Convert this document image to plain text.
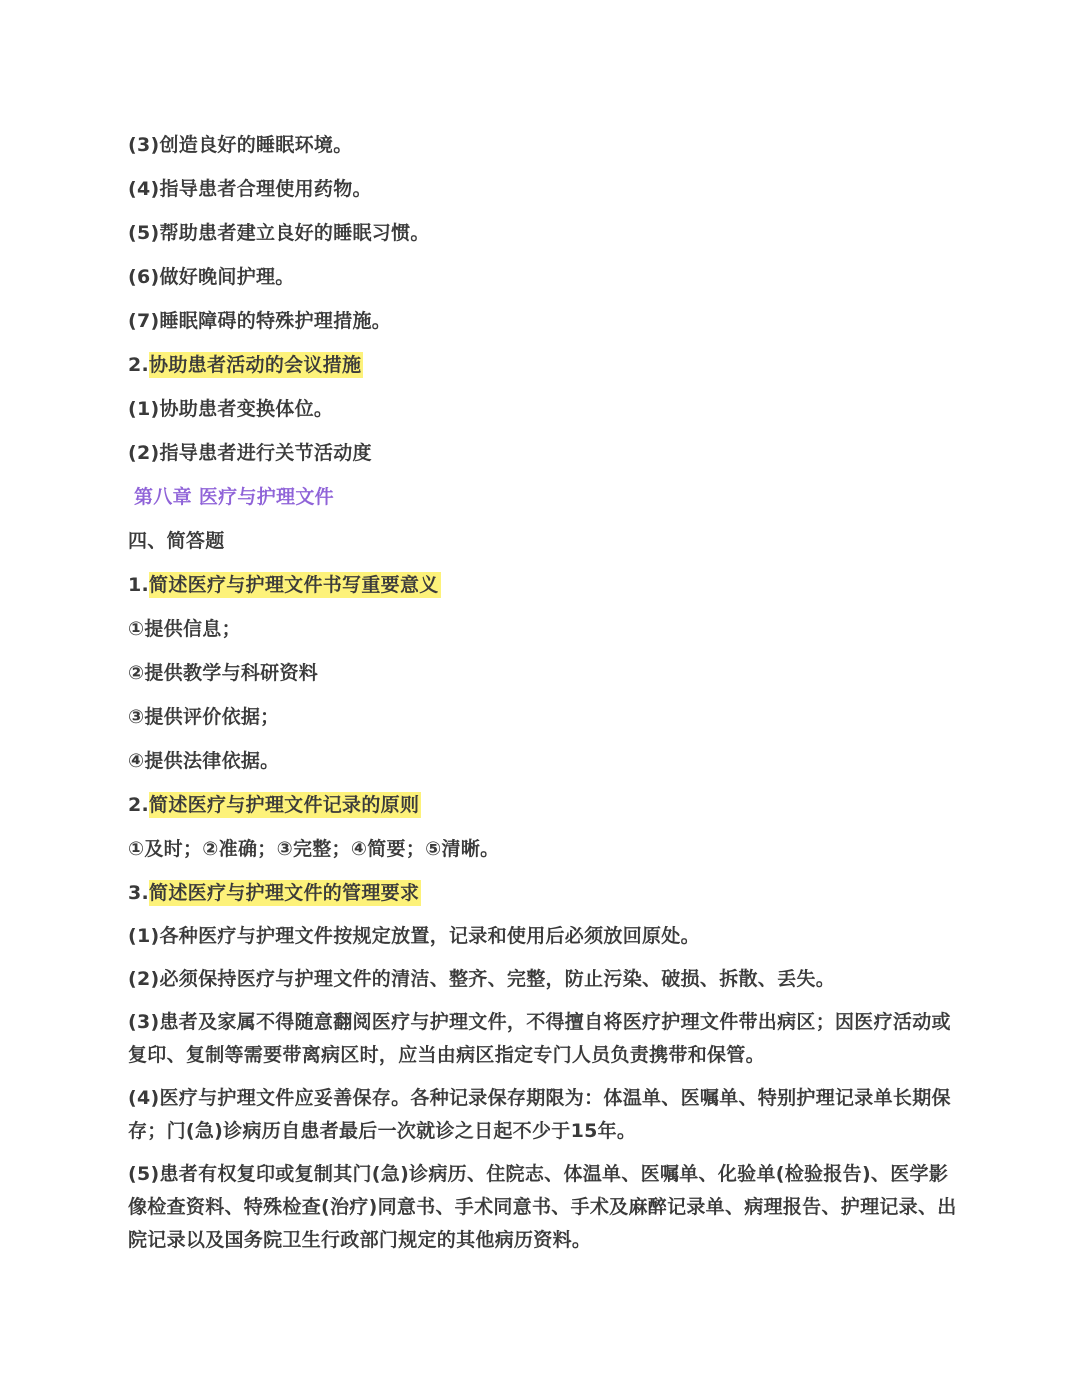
(3)创造良好的睡眠环境。
(4)指导患者合理使用药物。
(5)帮助患者建立良好的睡眠习惯。
(6)做好晚间护理。
(7)睡眠障碍的特殊护理措施。
2.协助患者活动的会议措施
(1)协助患者变换体位。
(2)指导患者进行关节活动度
第八章 医疗与护理文件
四、简答题
1.简述医疗与护理文件书写重要意义
①提供信息；
②提供教学与科研资料
③提供评价依据；
④提供法律依据。
2.简述医疗与护理文件记录的原则
①及时；②准确；③完整；④简要；⑤清晰。
3.简述医疗与护理文件的管理要求
(1)各种医疗与护理文件按规定放置，记录和使用后必须放回原处。
(2)必须保持医疗与护理文件的清洁、整齐、完整，防止污染、破损、拆散、丢失。
(3)患者及家属不得随意翻阅医疗与护理文件，不得擅自将医疗护理文件带出病区；因医疗活动或复印、复制等需要带离病区时，应当由病区指定专门人员负责携带和保管。
(4)医疗与护理文件应妥善保存。各种记录保存期限为：体温单、医嘱单、特别护理记录单长期保存；门(急)诊病历自患者最后一次就诊之日起不少于15年。
(5)患者有权复印或复制其门(急)诊病历、住院志、体温单、医嘱单、化验单(检验报告)、医学影像检查资料、特殊检查(治疗)同意书、手术同意书、手术及麻醉记录单、病理报告、护理记录、出院记录以及国务院卫生行政部门规定的其他病历资料。
